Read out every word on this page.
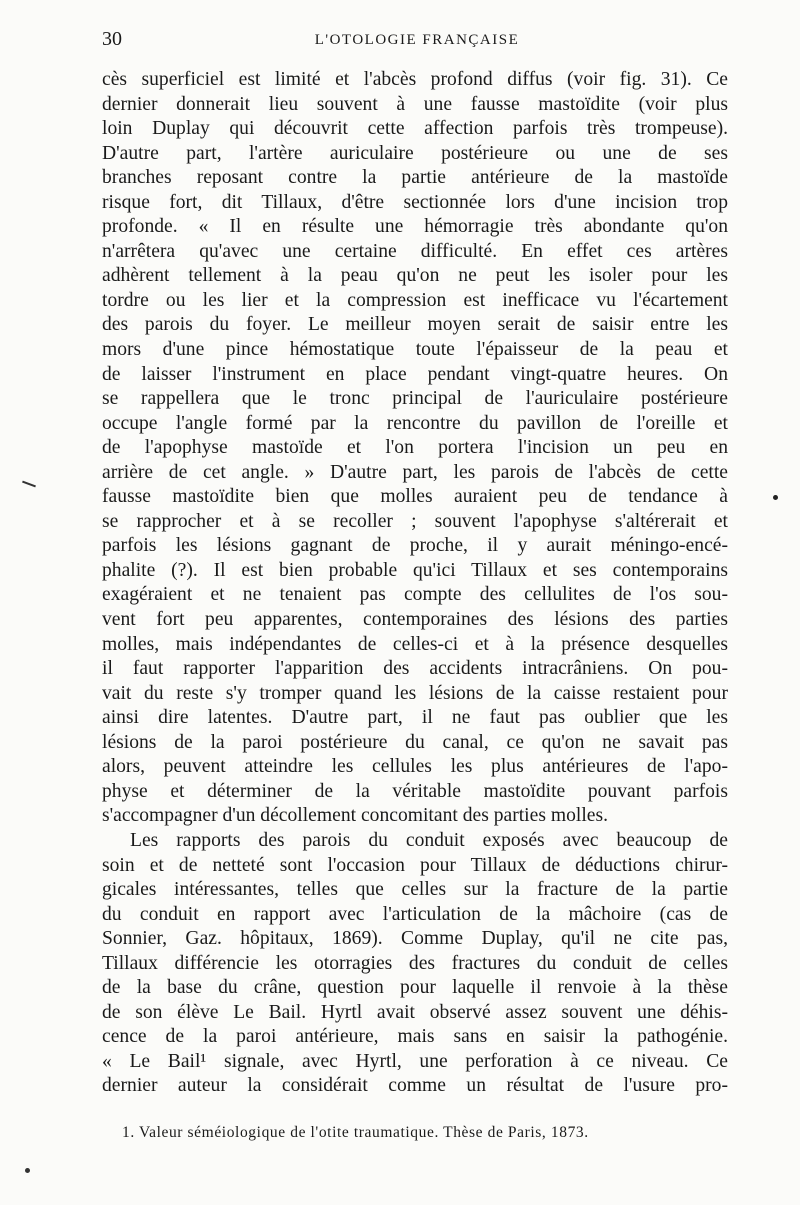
30	L'OTOLOGIE FRANÇAISE
cès superficiel est limité et l'abcès profond diffus (voir fig. 31). Ce
dernier donnerait lieu souvent à une fausse mastoïdite (voir plus
loin Duplay qui découvrit cette affection parfois très trompeuse).
D'autre part, l'artère auriculaire postérieure ou une de ses
branches reposant contre la partie antérieure de la mastoïde
risque fort, dit Tillaux, d'être sectionnée lors d'une incision trop
profonde. « Il en résulte une hémorragie très abondante qu'on
n'arrêtera qu'avec une certaine difficulté. En effet ces artères
adhèrent tellement à la peau qu'on ne peut les isoler pour les
tordre ou les lier et la compression est inefficace vu l'écartement
des parois du foyer. Le meilleur moyen serait de saisir entre les
mors d'une pince hémostatique toute l'épaisseur de la peau et
de laisser l'instrument en place pendant vingt-quatre heures. On
se rappellera que le tronc principal de l'auriculaire postérieure
occupe l'angle formé par la rencontre du pavillon de l'oreille et
de l'apophyse mastoïde et l'on portera l'incision un peu en
arrière de cet angle. » D'autre part, les parois de l'abcès de cette
fausse mastoïdite bien que molles auraient peu de tendance à
se rapprocher et à se recoller ; souvent l'apophyse s'altérerait et
parfois les lésions gagnant de proche, il y aurait méningo-encé-
phalite (?). Il est bien probable qu'ici Tillaux et ses contemporains
exagéraient et ne tenaient pas compte des cellulites de l'os sou-
vent fort peu apparentes, contemporaines des lésions des parties
molles, mais indépendantes de celles-ci et à la présence desquelles
il faut rapporter l'apparition des accidents intracrâniens. On pou-
vait du reste s'y tromper quand les lésions de la caisse restaient pour
ainsi dire latentes. D'autre part, il ne faut pas oublier que les
lésions de la paroi postérieure du canal, ce qu'on ne savait pas
alors, peuvent atteindre les cellules les plus antérieures de l'apo-
physe et déterminer de la véritable mastoïdite pouvant parfois
s'accompagner d'un décollement concomitant des parties molles.
Les rapports des parois du conduit exposés avec beaucoup de
soin et de netteté sont l'occasion pour Tillaux de déductions chirur-
gicales intéressantes, telles que celles sur la fracture de la partie
du conduit en rapport avec l'articulation de la mâchoire (cas de
Sonnier, Gaz. hôpitaux, 1869). Comme Duplay, qu'il ne cite pas,
Tillaux différencie les otorragies des fractures du conduit de celles
de la base du crâne, question pour laquelle il renvoie à la thèse
de son élève Le Bail. Hyrtl avait observé assez souvent une déhis-
cence de la paroi antérieure, mais sans en saisir la pathogénie.
« Le Bail¹ signale, avec Hyrtl, une perforation à ce niveau. Ce
dernier auteur la considérait comme un résultat de l'usure pro-
1. Valeur séméiologique de l'otite traumatique. Thèse de Paris, 1873.
